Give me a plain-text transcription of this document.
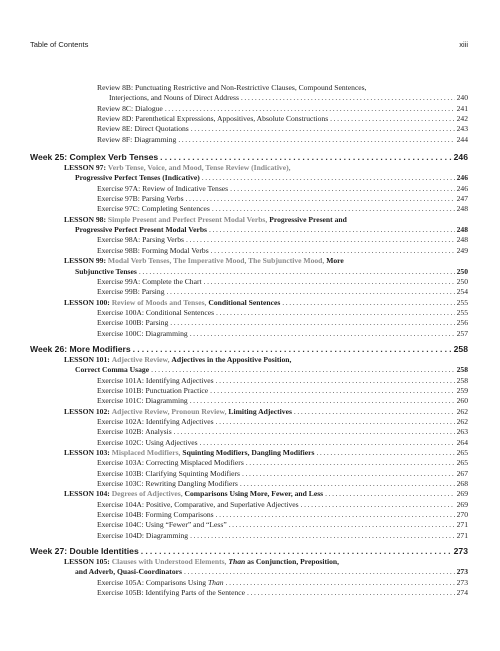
Table of Contents	xiii
Review 8B: Punctuating Restrictive and Non-Restrictive Clauses, Compound Sentences,
Interjections, and Nouns of Direct Address .....	240
Review 8C: Dialogue .....	241
Review 8D: Parenthetical Expressions, Appositives, Absolute Constructions .....	242
Review 8E: Direct Quotations .....	243
Review 8F: Diagramming .....	244
Week 25: Complex Verb Tenses .....	246
LESSON 97: Verb Tense, Voice, and Mood, Tense Review (Indicative),
Progressive Perfect Tenses (Indicative) .....	246
Exercise 97A: Review of Indicative Tenses .....	246
Exercise 97B: Parsing Verbs .....	247
Exercise 97C: Completing Sentences .....	248
LESSON 98: Simple Present and Perfect Present Modal Verbs, Progressive Present and
Progressive Perfect Present Modal Verbs .....	248
Exercise 98A: Parsing Verbs .....	248
Exercise 98B: Forming Modal Verbs .....	249
LESSON 99: Modal Verb Tenses, The Imperative Mood, The Subjunctive Mood, More
Subjunctive Tenses .....	250
Exercise 99A: Complete the Chart .....	250
Exercise 99B: Parsing .....	254
LESSON 100: Review of Moods and Tenses, Conditional Sentences .....	255
Exercise 100A: Conditional Sentences .....	255
Exercise 100B: Parsing .....	256
Exercise 100C: Diagramming .....	257
Week 26: More Modifiers .....	258
LESSON 101: Adjective Review, Adjectives in the Appositive Position,
Correct Comma Usage .....	258
Exercise 101A: Identifying Adjectives .....	258
Exercise 101B: Punctuation Practice .....	259
Exercise 101C: Diagramming .....	260
LESSON 102: Adjective Review, Pronoun Review, Limiting Adjectives .....	262
Exercise 102A: Identifying Adjectives .....	262
Exercise 102B: Analysis .....	263
Exercise 102C: Using Adjectives .....	264
LESSON 103: Misplaced Modifiers, Squinting Modifiers, Dangling Modifiers .....	265
Exercise 103A: Correcting Misplaced Modifiers .....	265
Exercise 103B: Clarifying Squinting Modifiers .....	267
Exercise 103C: Rewriting Dangling Modifiers .....	268
LESSON 104: Degrees of Adjectives, Comparisons Using More, Fewer, and Less .....	269
Exercise 104A: Positive, Comparative, and Superlative Adjectives .....	269
Exercise 104B: Forming Comparisons .....	270
Exercise 104C: Using “Fewer” and “Less” .....	271
Exercise 104D: Diagramming .....	271
Week 27: Double Identities .....	273
LESSON 105: Clauses with Understood Elements, Than as Conjunction, Preposition,
and Adverb, Quasi-Coordinators .....	273
Exercise 105A: Comparisons Using Than .....	273
Exercise 105B: Identifying Parts of the Sentence .....	274
